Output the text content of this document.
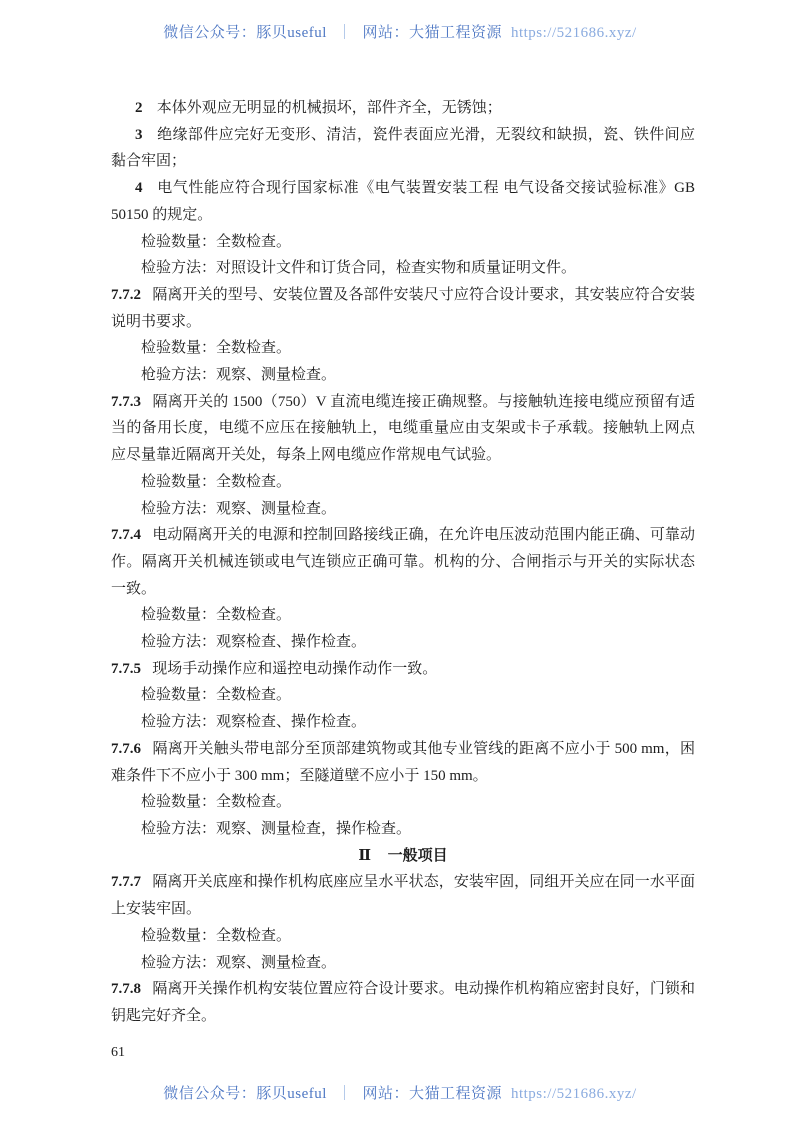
微信公众号：豚贝useful ｜ 网站：大猫工程资源 https://521686.xyz/

2 本体外观应无明显的机械损坏，部件齐全，无锈蚀；

3 绝缘部件应完好无变形、清洁，瓷件表面应光滑，无裂纹和缺损，瓷、铁件间应黏合牢固；

4 电气性能应符合现行国家标准《电气装置安装工程 电气设备交接试验标准》GB 50150 的规定。

检验数量：全数检查。

检验方法：对照设计文件和订货合同，检查实物和质量证明文件。

7.7.2 隔离开关的型号、安装位置及各部件安装尺寸应符合设计要求，其安装应符合安装说明书要求。

检验数量：全数检查。

枪验方法：观察、测量检查。

7.7.3 隔离开关的 1500（750）V 直流电缆连接正确规整。与接触轨连接电缆应预留有适当的备用长度，电缆不应压在接触轨上，电缆重量应由支架或卡子承载。接触轨上网点应尽量靠近隔离开关处，每条上网电缆应作常规电气试验。

检验数量：全数检查。

检验方法：观察、测量检查。

7.7.4 电动隔离开关的电源和控制回路接线正确，在允许电压波动范围内能正确、可靠动作。隔离开关机械连锁或电气连锁应正确可靠。机构的分、合闸指示与开关的实际状态一致。

检验数量：全数检查。

检验方法：观察检查、操作检查。

7.7.5 现场手动操作应和遥控电动操作动作一致。

检验数量：全数检查。

检验方法：观察检查、操作检查。

7.7.6 隔离开关触头带电部分至顶部建筑物或其他专业管线的距离不应小于 500 mm，困难条件下不应小于 300 mm；至隧道壁不应小于 150 mm。

检验数量：全数检查。

检验方法：观察、测量检查，操作检查。

Ⅱ 一般项目

7.7.7 隔离开关底座和操作机构底座应呈水平状态，安装牢固，同组开关应在同一水平面上安装牢固。

检验数量：全数检查。

检验方法：观察、测量检查。

7.7.8 隔离开关操作机构安装位置应符合设计要求。电动操作机构箱应密封良好，门锁和钥匙完好齐全。

61
微信公众号：豚贝useful ｜ 网站：大猫工程资源 https://521686.xyz/
